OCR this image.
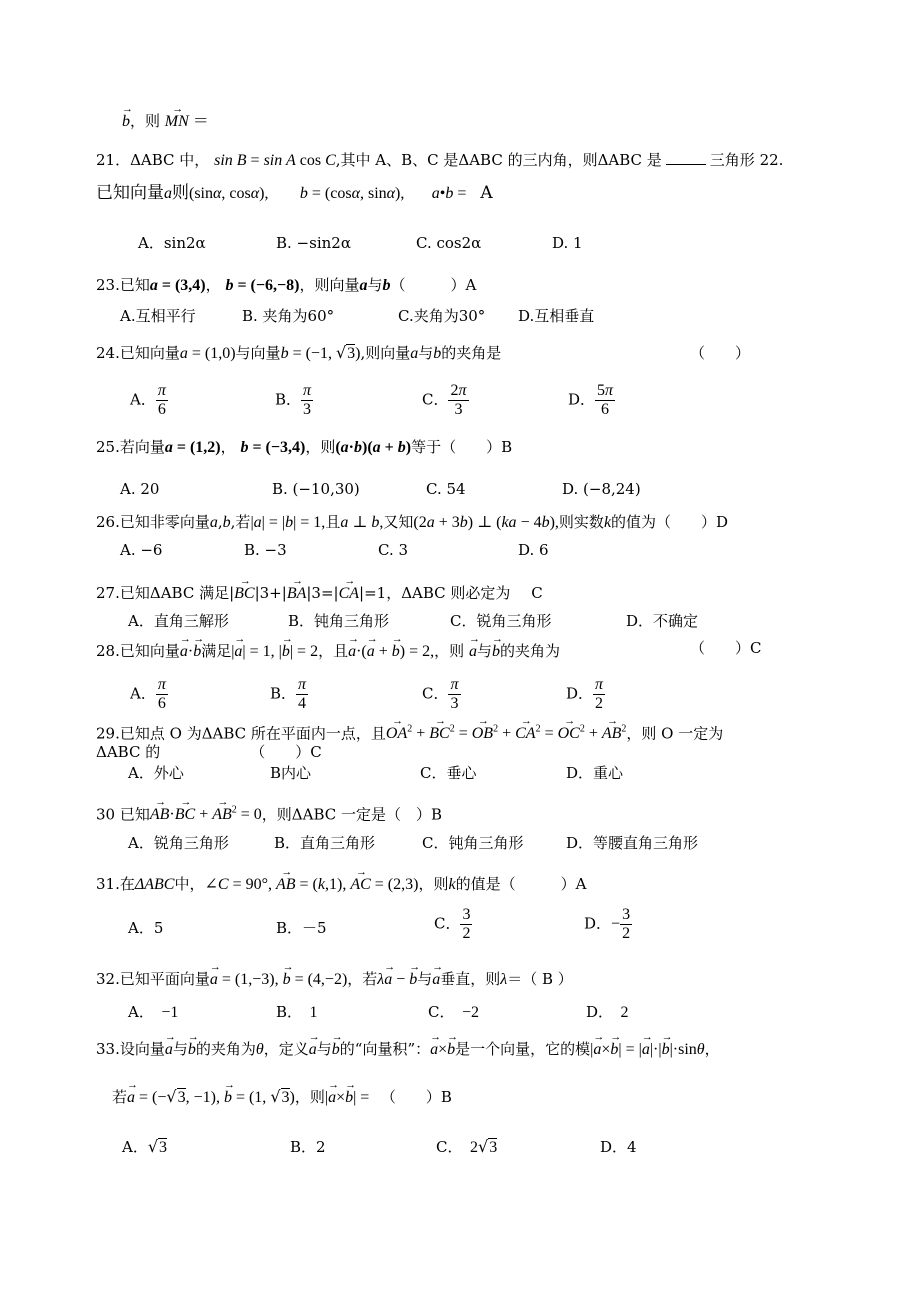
→ b，则 → MN ＝
21．ΔABC 中， sin B = sin A cos C,其中 A、B、C 是ΔABC 的三内角，则ΔABC 是	三角形 22.
已知向量a则(sinα, cosα), b = (cosα, sinα), a•b = A
A．sin2α	B. −sin2α	C. cos2α	D. 1
23.已知a = (3,4)， b = (−6,−8)，则向量a与b（　　　）A
A.互相平行	B. 夹角为60°	C.夹角为30° D.互相垂直
24.已知向量a = (1,0)与向量b = (−1, √3),则向量a与b的夹角是	（　　）
A． $\frac{\pi}{6}$	B． $\frac{\pi}{3}$	C． $\frac{2\pi}{3}$	D． $\frac{5\pi}{6}$
25.若向量a = (1,2)， b = (−3,4)，则(a·b)(a + b)等于（　　）B
A. 20	B. (−10,30)	C. 54	D. (−8,24)
26.已知非零向量a,b,若|a| = |b| = 1,且a ⊥ b,又知(2a + 3b) ⊥ (ka − 4b),则实数k的值为（　　）D
A. −6	B. −3	C. 3	D. 6
27.已知ΔABC 满足|→ BC|3+|→ BA|3=|→ CA|=1，ΔABC 则必定为 C
A．直角三解形	B．钝角三角形	C．锐角三角形	D．不确定
28.已知向量→ a·→ b满足|→ a| = 1, |→ b| = 2，且→ a·(→ a + → b) = 2,，则 → a与→ b的夹角为	（　　）C
A． $\frac{\pi}{6}$	B． $\frac{\pi}{4}$	C． $\frac{\pi}{3}$	D． $\frac{\pi}{2}$
29.已知点 O 为ΔABC 所在平面内一点，且→ $OA^2$ + → $BC^2$ = → $OB^2$ + → $CA^2$ = → $OC^2$ + → $AB^2$，则 O 一定为
ΔABC 的	（　　）C
A．外心	B内心	C．垂心	D．重心
30 已知→ AB·→ BC + → $AB^2 = 0$，则ΔABC 一定是（　）B
A．锐角三角形	B．直角三角形	C．钝角三角形	D．等腰直角三角形
31.在ΔABC中，∠C = 90°, → AB = (k,1), → AC = (2,3)，则k的值是（　　　）A
A．5	B．－5	C． $\frac{3}{2}$	D．− $\frac{3}{2}$
32.已知平面向量→ a = (1,−3), → b = (4,−2)，若λ→ a − → b与→ a垂直，则λ＝（ B ）
A．　 −1	B．　 1	C．　 −2	D．　 2
33.设向量→ a与→ b的夹角为θ，定义→ a与→ b的“向量积”：→ a×→ b是一个向量，它的模|→ a×→ b| = |→ a|·|→ b|·sinθ，
若→ a = (−√3, −1), → b = (1, √3)，则|→ a×→ b| = 　（　　）B
A．√3	B．2	C．　 2√3	D．4
